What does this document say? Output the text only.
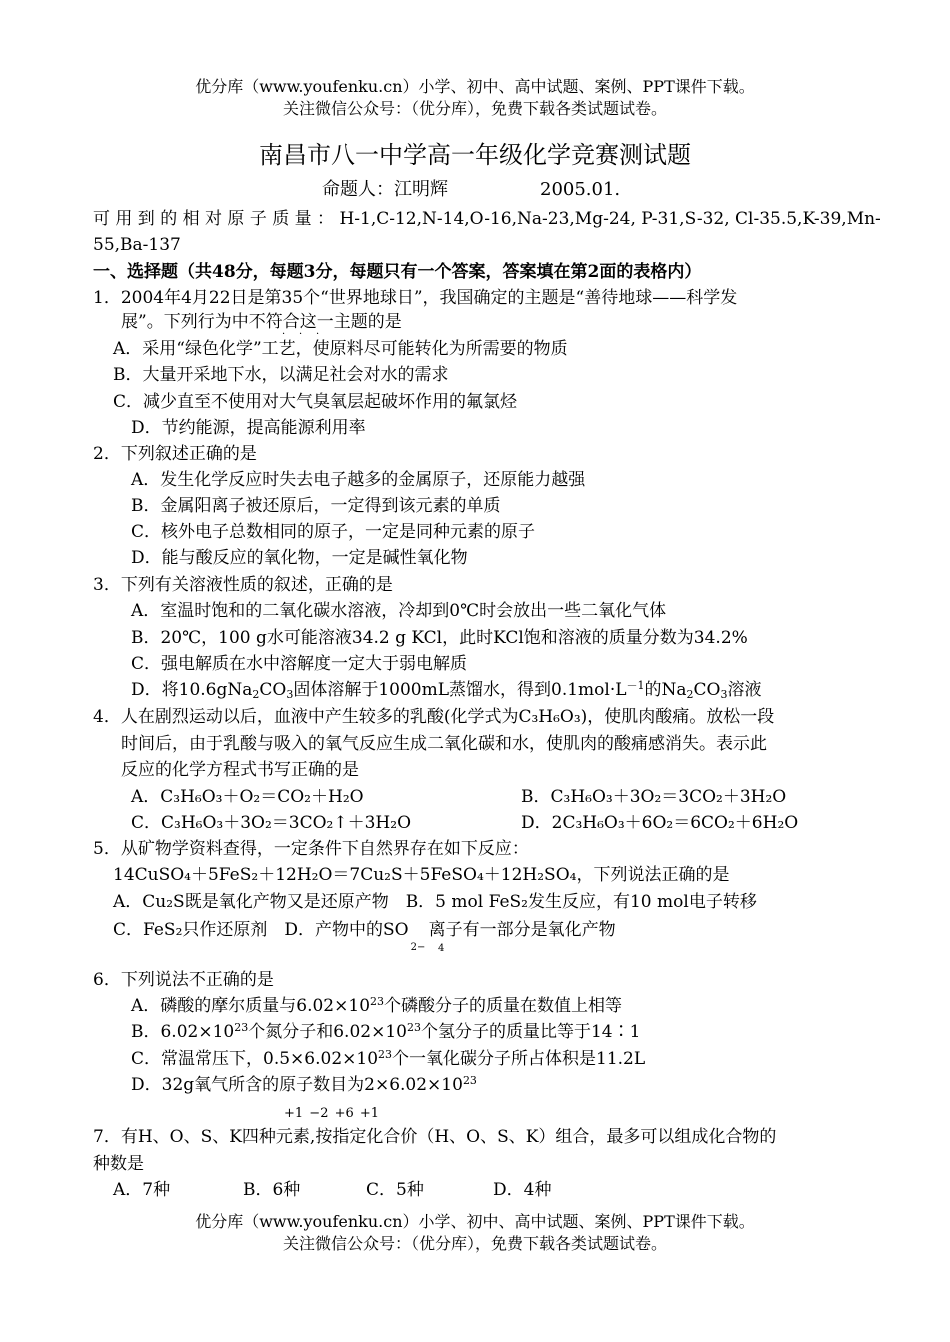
优分库（www.youfenku.cn）小学、初中、高中试题、案例、PPT课件下载。
关注微信公众号：（优分库），免费下载各类试题试卷。
南昌市八一中学高一年级化学竞赛测试题
命题人：江明辉	2005.01.
可 用 到 的 相 对 原 子 质 量 ： H-1,C-12,N-14,O-16,Na-23,Mg-24, P-31,S-32, Cl-35.5,K-39,Mn-
55,Ba-137
一、选择题（共48分，每题3分，每题只有一个答案，答案填在第2面的表格内）
1．2004年4月22日是第35个“世界地球日”，我国确定的主题是“善待地球——科学发
展”。下列行为中不符合这一主题的是
· · ·
A．采用“绿色化学”工艺，使原料尽可能转化为所需要的物质
B．大量开采地下水，以满足社会对水的需求
C．减少直至不使用对大气臭氧层起破坏作用的氟氯烃
D．节约能源，提高能源利用率
2．下列叙述正确的是
A．发生化学反应时失去电子越多的金属原子，还原能力越强
B．金属阳离子被还原后，一定得到该元素的单质
C．核外电子总数相同的原子，一定是同种元素的原子
D．能与酸反应的氧化物，一定是碱性氧化物
3．下列有关溶液性质的叙述，正确的是
A．室温时饱和的二氧化碳水溶液，冷却到0℃时会放出一些二氧化气体
B．20℃，100 g水可能溶液34.2 g KCl，此时KCl饱和溶液的质量分数为34.2%
C．强电解质在水中溶解度一定大于弱电解质
D．将$10.6gNa_2CO_3$固体溶解于1000mL蒸馏水，得到$0.1mol\cdot L^{-1}$的$Na_2CO_3$溶液
4．人在剧烈运动以后，血液中产生较多的乳酸(化学式为C₃H₆O₃)，使肌肉酸痛。放松一段
时间后，由于乳酸与吸入的氧气反应生成二氧化碳和水，使肌肉的酸痛感消失。表示此
反应的化学方程式书写正确的是
A．C₃H₆O₃＋O₂＝CO₂＋H₂O	B．C₃H₆O₃＋3O₂＝3CO₂＋3H₂O
C．C₃H₆O₃＋3O₂＝3CO₂↑＋3H₂O	D．2C₃H₆O₃＋6O₂＝6CO₂＋6H₂O
5．从矿物学资料查得，一定条件下自然界存在如下反应：
14CuSO₄＋5FeS₂＋12H₂O＝7Cu₂S＋5FeSO₄＋12H₂SO₄，下列说法正确的是
A．Cu₂S既是氧化产物又是还原产物　B．5 mol FeS₂发生反应，有10 mol电子转移
C．FeS₂只作还原剂　D．产物中的SO
2−
离子有一部分是氧化产物
4
6．下列说法不正确的是
A．磷酸的摩尔质量与$6.02\times 10^{23}$个磷酸分子的质量在数值上相等
B．$6.02\times 10^{23}$个氮分子和$6.02\times 10^{23}$个氢分子的质量比等于14∶1
C．常温常压下，$0.5\times 6.02\times 10^{23}$个一氧化碳分子所占体积是11.2L
D．32g氧气所含的原子数目为$2\times 6.02\times 10^{23}$
+1 −2 +6 +1
7．有H、O、S、K四种元素,按指定化合价（H、O、S、K）组合，最多可以组成化合物的
种数是
A．7种	B．6种	C．5种	D．4种
优分库（www.youfenku.cn）小学、初中、高中试题、案例、PPT课件下载。
关注微信公众号：（优分库），免费下载各类试题试卷。
